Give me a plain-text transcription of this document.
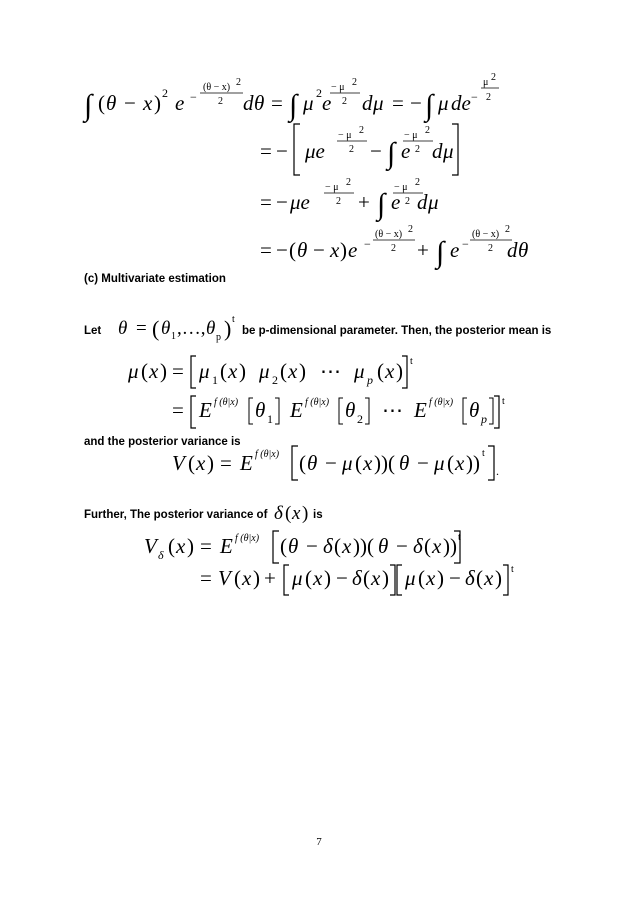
∫ ( θ − x ) 2 e −
(θ − x) 2
2 d θ = ∫ μ 2 e
− μ 2
2 d μ = − ∫ μ de −
μ 2
2
= − μe
− μ 2
2 − ∫ e
− μ 2
2 d μ
= − μe
− μ 2
2 + ∫ e
− μ 2
2 d μ
= − ( θ − x ) e −
(θ − x) 2
2 + ∫ e −
(θ − x) 2
2 d θ
(c) Multivariate estimation
Let θ = ( θ 1 ,…, θ p ) t
be p-dimensional parameter. Then, the posterior mean is
μ ( x ) = μ 1 ( x ) μ 2 ( x ) ⋯ μ p ( x ) t
= E f (θ|x) θ 1 E f (θ|x) θ 2 ⋯ E f (θ|x) θ p
t
and the posterior variance is
V ( x ) = E f (θ|x) ( θ − μ ( x ))( θ − μ ( x )) t
.
Further, The posterior variance of δ ( x ) is
V δ ( x ) = E f (θ|x) ( θ − δ ( x ))( θ − δ ( x )) t
= V ( x ) + μ ( x ) − δ ( x ) μ ( x ) − δ ( x ) t
7
